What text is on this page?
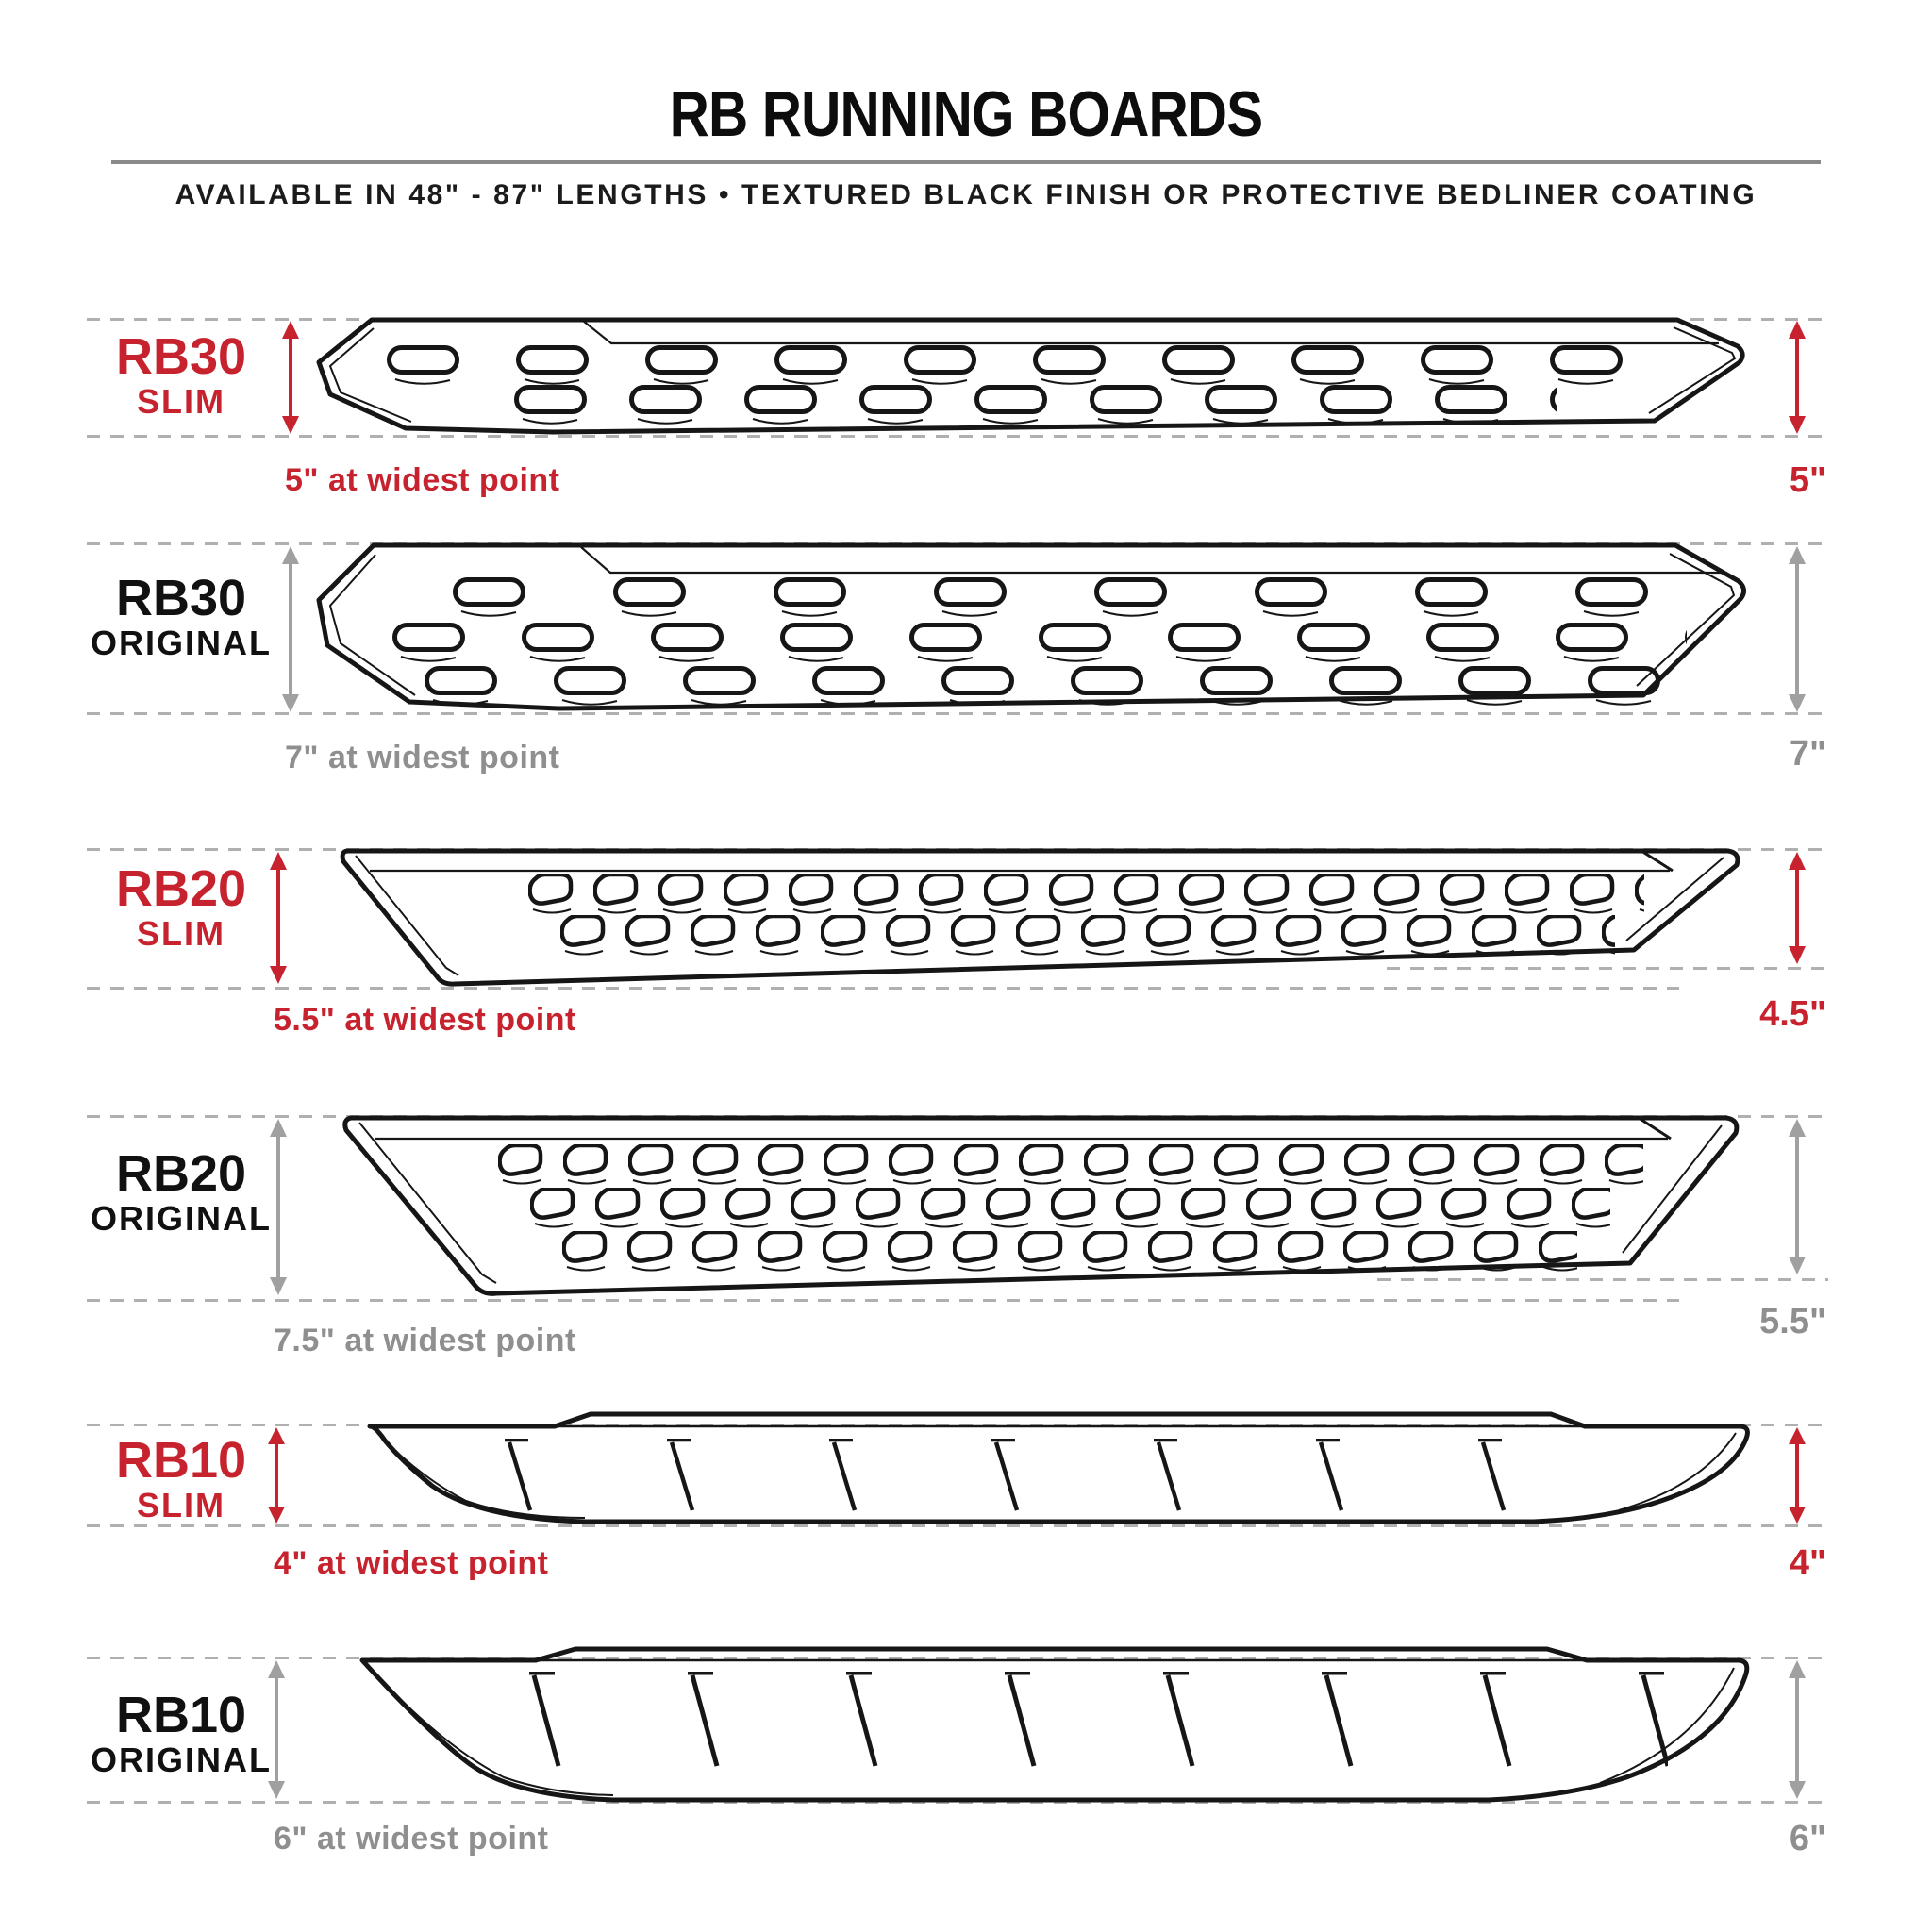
RB RUNNING BOARDS
AVAILABLE IN 48" - 87" LENGTHS • TEXTURED BLACK FINISH OR PROTECTIVE BEDLINER COATING
RB30
SLIM
5" at widest point	5"
RB30
ORIGINAL
7" at widest point	7"
RB20
SLIM
5.5" at widest point	4.5"
RB20
ORIGINAL
7.5" at widest point	5.5"
RB10
SLIM
4" at widest point	4"
RB10
ORIGINAL
6" at widest point	6"
